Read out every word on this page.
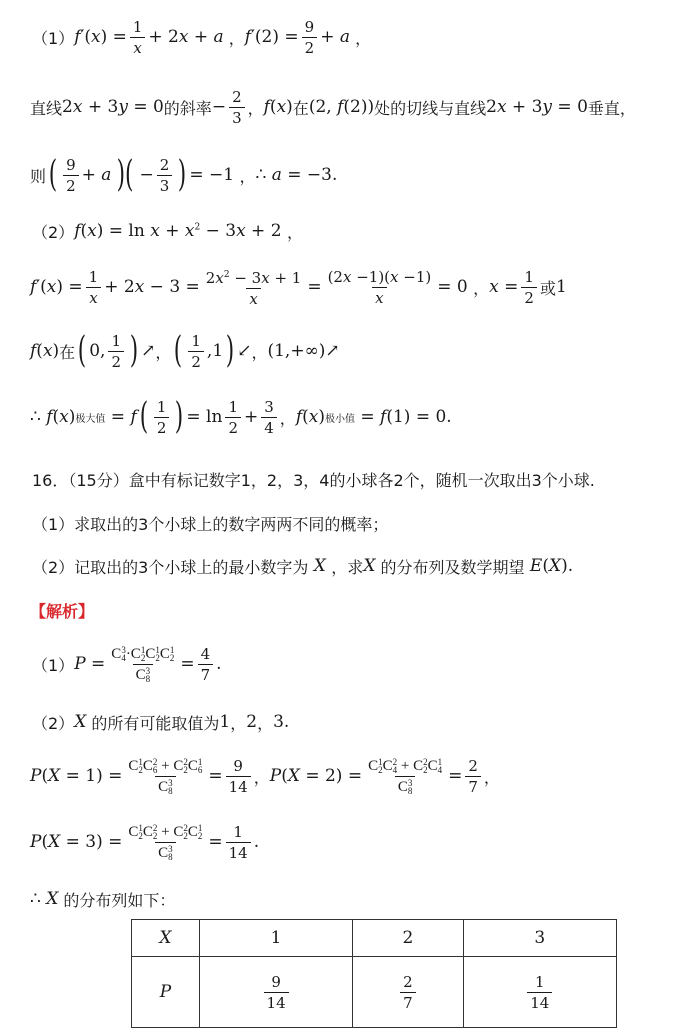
（1） f ′( x ) = $\frac{1}{x} + 2$ x + a ， f $'(2) = \frac{9}{2} + a$ ，
直线 2 x + 3 y = 0 的斜率 − $\frac{2}{3}$ ， f ( x ) 在 (2, f (2)) 处的切线与直线 2 x + 3 y = 0 垂直，
则 ( $\frac{9}{2} + a$ )( − $\frac{2}{3}$ ) = −1 ， ∴ a = −3.
（2） f ( x ) = ln x + x $^2$ − 3 x + 2 ，
f ′( x ) = $\frac{1}{x} + 2$ $x - 3 = \frac{2x^2 - 3x + 1}{x} = \frac{(2x -1)(x -1)}{x} = 0$ ， $x = \frac{1}{2}$ 或 1
f ( x ) 在 ( 0, $\frac{1}{2}$ ) ↗ ， ( $\frac{1}{2} ,1$ ) ↙ ， (1,+∞) ↗
∴ f ( x ) 极大值 = f ( $\frac{1}{2}$ ) = $\ln \frac{1}{2} + \frac{3}{4}$ ， f ( x ) 极小值 = f (1) = 0.
16．（15分）盒中有标记数字1，2，3，4的小球各2个，随机一次取出3个小球.
（1）求取出的3个小球上的数字两两不同的概率；
（2）记取出的3个小球上的最小数字为 X ，求 X 的分布列及数学期望 E ( X ).
【解析】
（1） P = C 3
4 ·C 1
2 C 1
2 C 1
2
C 3
$8 = \frac{4}{7}$ .
（2） X 的所有可能取值为 1 ， 2 ， 3.
P ( X = 1) = C 1
2 C 2
6 + C 2
2 C 1
6
C 3
$8 = \frac{9}{14}$ ， P ( X = 2) = C 1
2 C 2
4 + C 2
2 C 1
4
C 3
$8 = \frac{2}{7}$ ，
P ( X = 3) = C 1
2 C 2
2 + C 2
2 C 1
2
C 3
$8 = \frac{1}{14}$ .
∴ X 的分布列如下：
X	1	2	3
P	$\frac{9}{14}$	$\frac{2}{7}$	$\frac{1}{14}$
